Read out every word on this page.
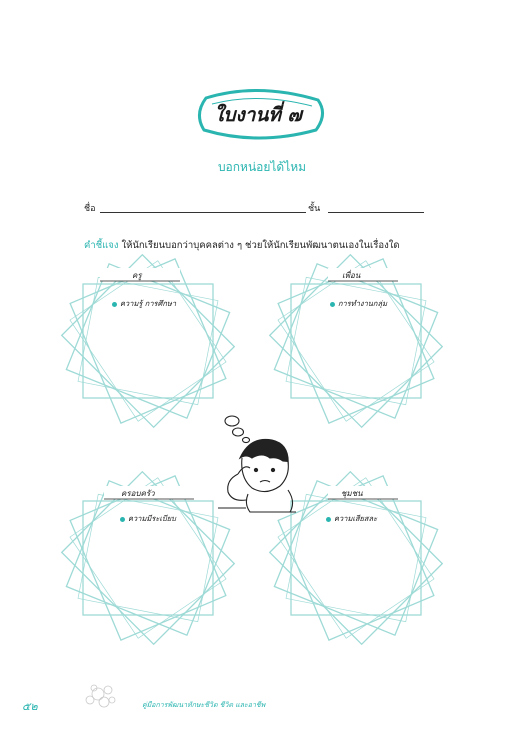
ใบงานที่ ๗
บอกหน่อยได้ไหม
ชื่อ	ชั้น
คำชี้แจง ให้นักเรียนบอกว่าบุคคลต่าง ๆ ช่วยให้นักเรียนพัฒนาตนเองในเรื่องใด
ครู	เพื่อน
ครอบครัว	ชุมชน
ความรู้ การศึกษา	การทำงานกลุ่ม
ความมีระเบียบ	ความเสียสละ
๕๒	คู่มือการพัฒนาทักษะชีวิต ชีวิต และอาชีพ
